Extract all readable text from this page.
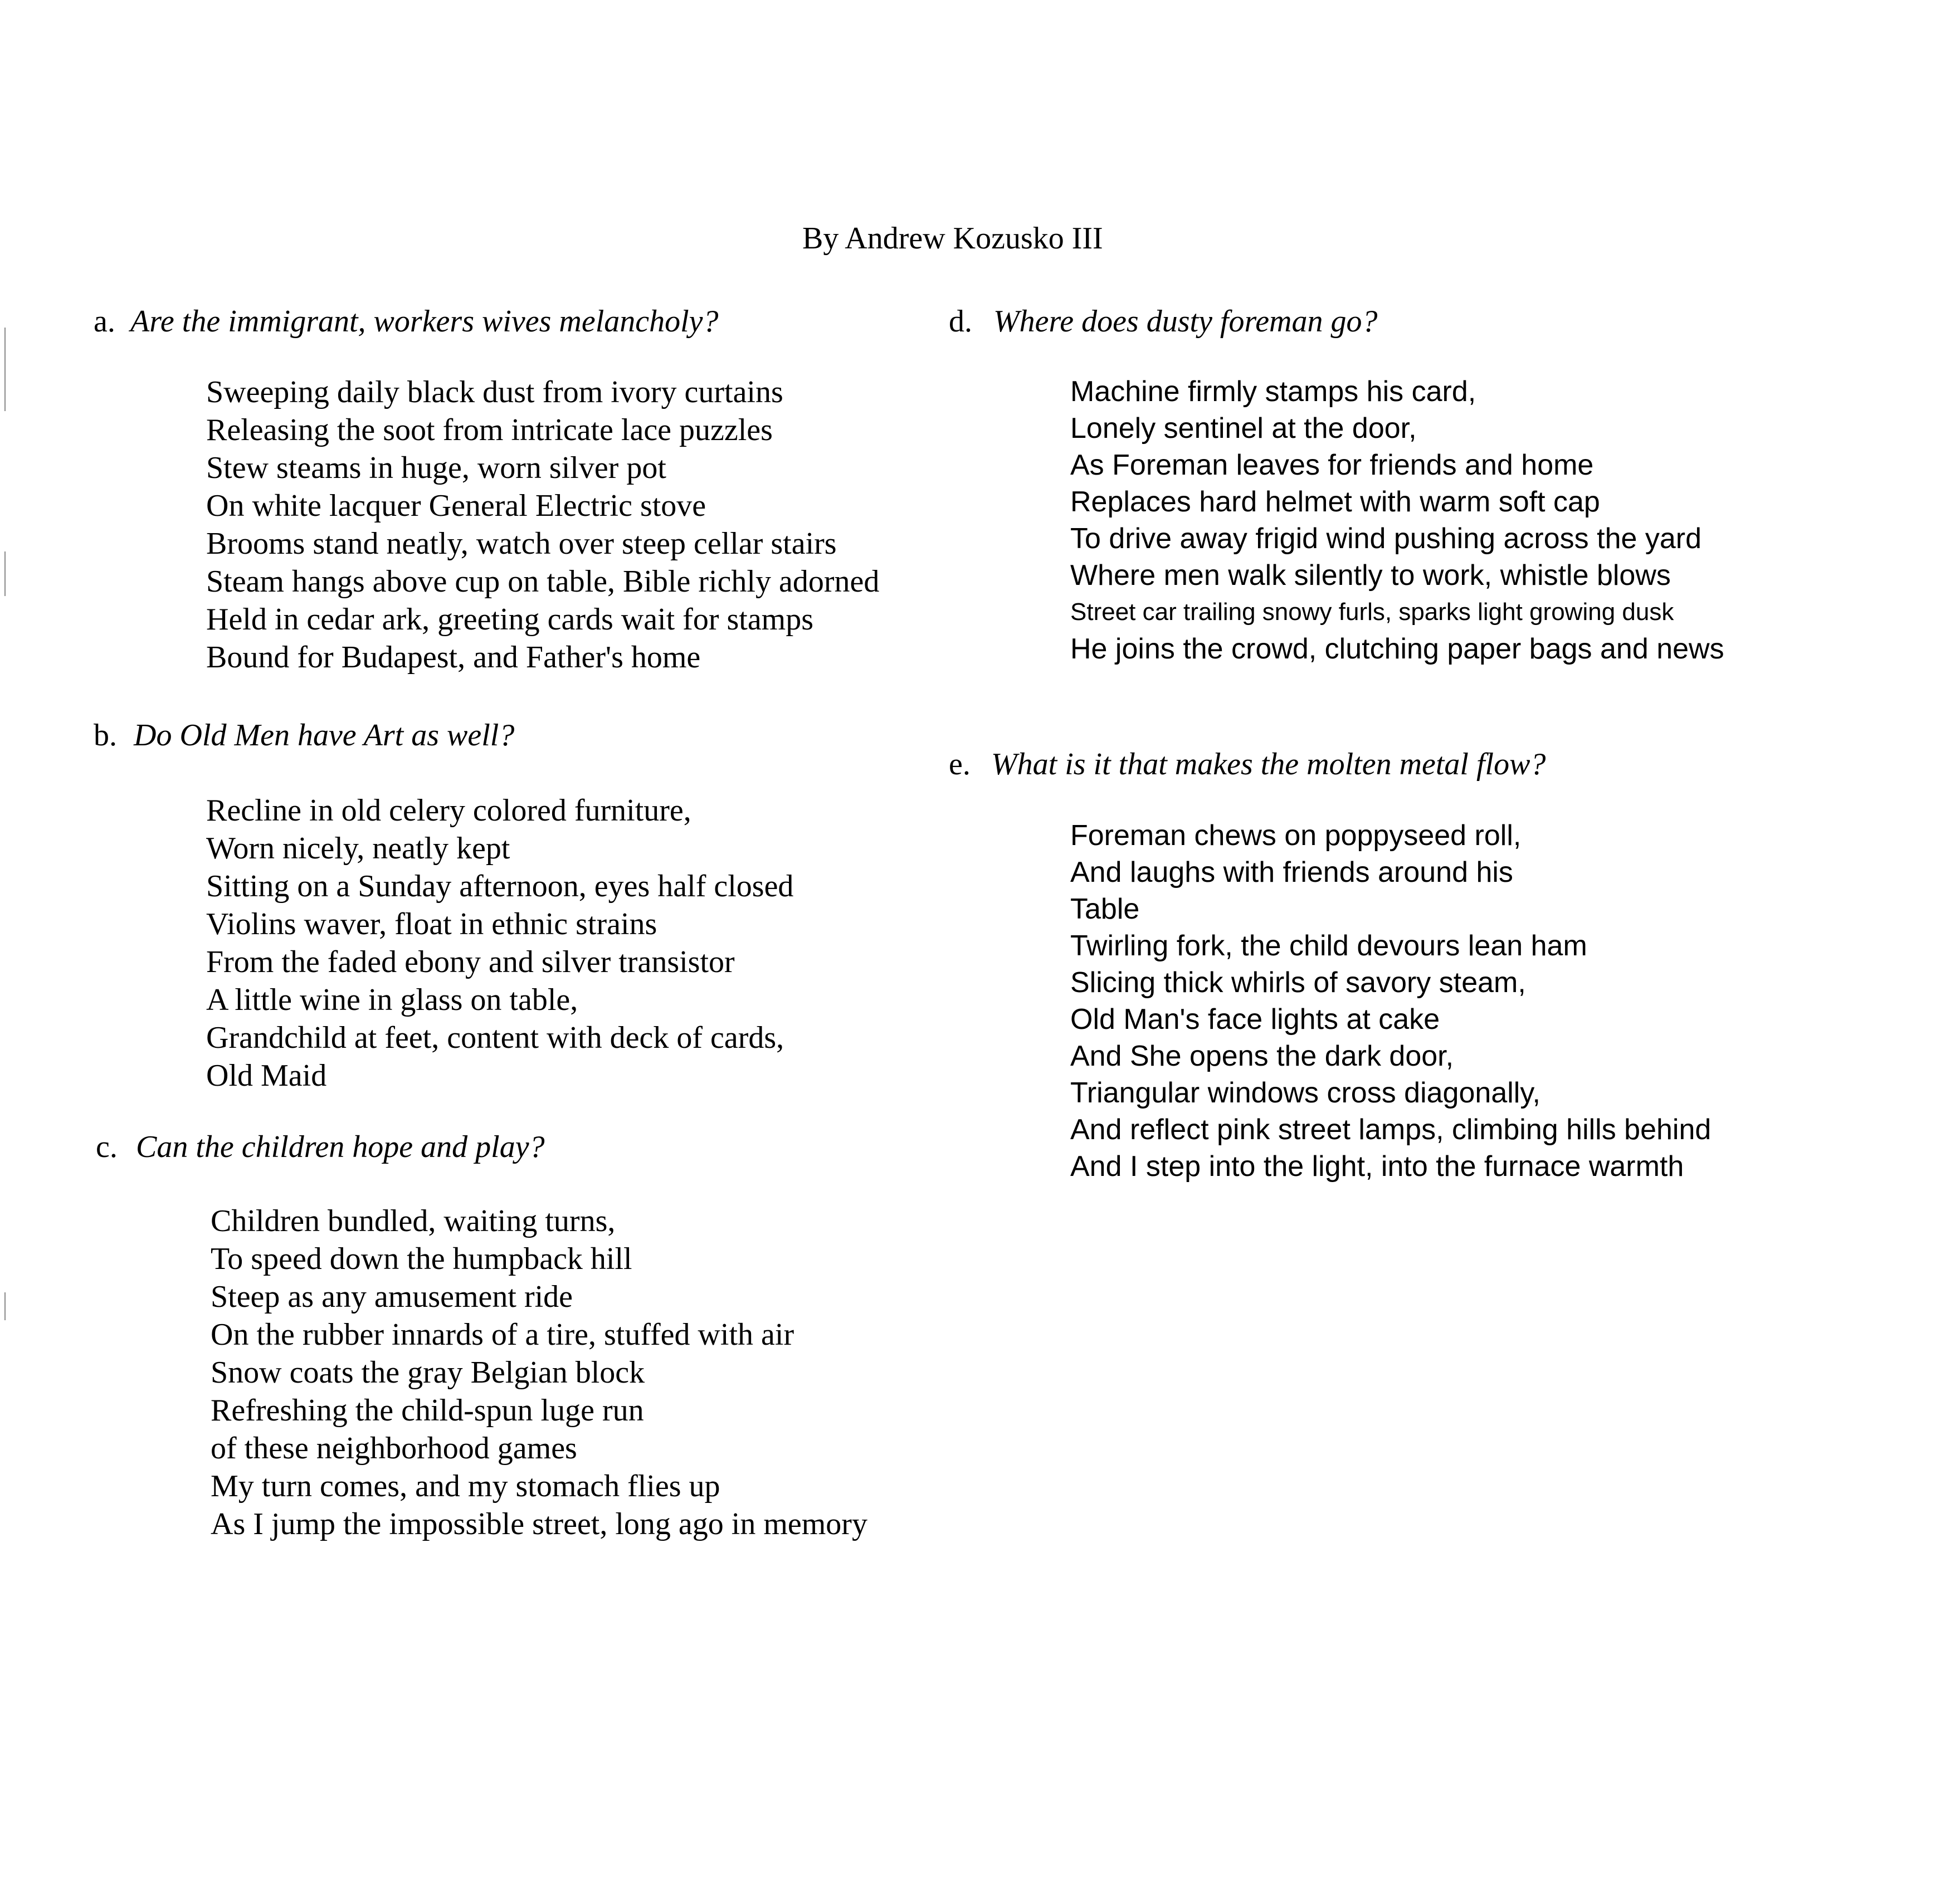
By Andrew Kozusko III
a. Are the immigrant, workers wives melancholy?
Sweeping daily black dust from ivory curtains
Releasing the soot from intricate lace puzzles
Stew steams in huge, worn silver pot
On white lacquer General Electric stove
Brooms stand neatly, watch over steep cellar stairs
Steam hangs above cup on table, Bible richly adorned
Held in cedar ark, greeting cards wait for stamps
Bound for Budapest, and Father's home
b. Do Old Men have Art as well?
Recline in old celery colored furniture,
Worn nicely, neatly kept
Sitting on a Sunday afternoon, eyes half closed
Violins waver, float in ethnic strains
From the faded ebony and silver transistor
A little wine in glass on table,
Grandchild at feet, content with deck of cards,
Old Maid
c. Can the children hope and play?
Children bundled, waiting turns,
To speed down the humpback hill
Steep as any amusement ride
On the rubber innards of a tire, stuffed with air
Snow coats the gray Belgian block
Refreshing the child-spun luge run
of these neighborhood games
My turn comes, and my stomach flies up
As I jump the impossible street, long ago in memory
d. Where does dusty foreman go?
Machine firmly stamps his card,
Lonely sentinel at the door,
As Foreman leaves for friends and home
Replaces hard helmet with warm soft cap
To drive away frigid wind pushing across the yard
Where men walk silently to work, whistle blows
Street car trailing snowy furls, sparks light growing dusk
He joins the crowd, clutching paper bags and news
e. What is it that makes the molten metal flow?
Foreman chews on poppyseed roll,
And laughs with friends around his
Table
Twirling fork, the child devours lean ham
Slicing thick whirls of savory steam,
Old Man's face lights at cake
And She opens the dark door,
Triangular windows cross diagonally,
And reflect pink street lamps, climbing hills behind
And I step into the light, into the furnace warmth
